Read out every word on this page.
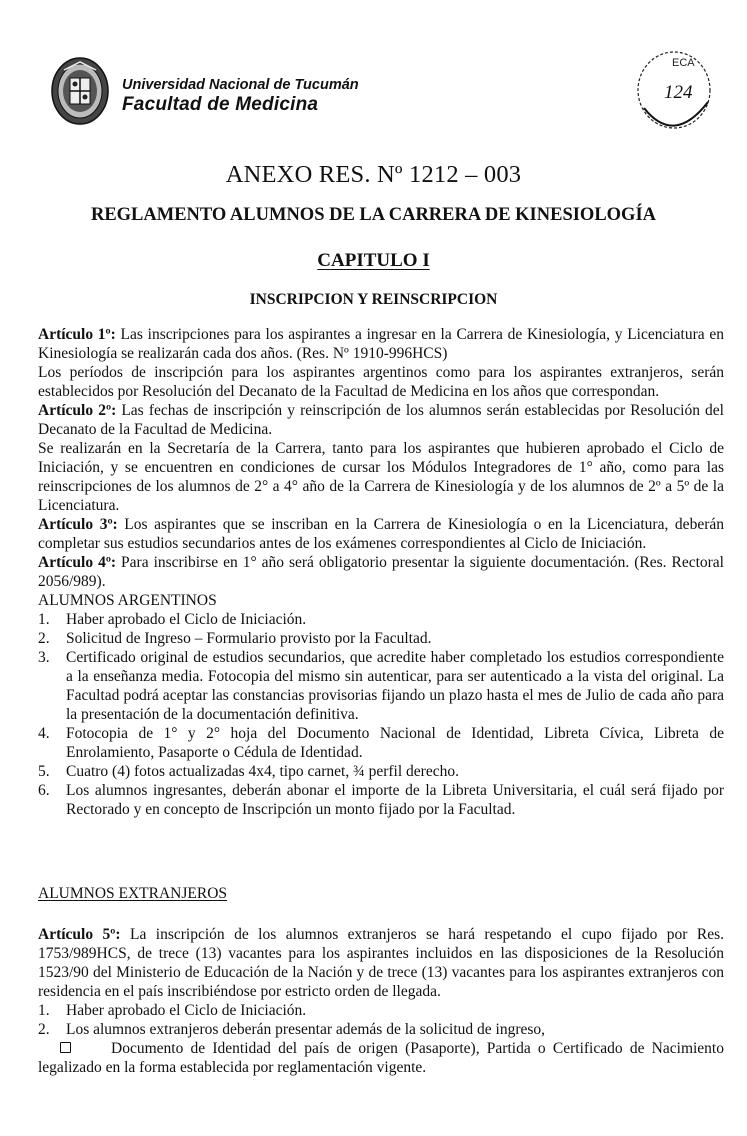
Universidad Nacional de Tucumán
Facultad de Medicina
ECA
124
ANEXO RES. Nº 1212 – 003
REGLAMENTO ALUMNOS DE LA CARRERA DE KINESIOLOGÍA
CAPITULO I
INSCRIPCION Y REINSCRIPCION

Artículo 1º: Las inscripciones para los aspirantes a ingresar en la Carrera de Kinesiología, y Licenciatura en Kinesiología se realizarán cada dos años. (Res. Nº 1910-996HCS)

Los períodos de inscripción para los aspirantes argentinos como para los aspirantes extranjeros, serán establecidos por Resolución del Decanato de la Facultad de Medicina en los años que correspondan.

Artículo 2º: Las fechas de inscripción y reinscripción de los alumnos serán establecidas por Resolución del Decanato de la Facultad de Medicina.

Se realizarán en la Secretaría de la Carrera, tanto para los aspirantes que hubieren aprobado el Ciclo de Iniciación, y se encuentren en condiciones de cursar los Módulos Integradores de 1° año, como para las reinscripciones de los alumnos de 2° a 4° año de la Carrera de Kinesiología y de los alumnos de 2º a 5º de la Licenciatura.

Artículo 3º: Los aspirantes que se inscriban en la Carrera de Kinesiología o en la Licenciatura, deberán completar sus estudios secundarios antes de los exámenes correspondientes al Ciclo de Iniciación.

Artículo 4º: Para inscribirse en 1° año será obligatorio presentar la siguiente documentación. (Res. Rectoral 2056/989).

ALUMNOS ARGENTINOS

1. Haber aprobado el Ciclo de Iniciación.
2. Solicitud de Ingreso – Formulario provisto por la Facultad.
3. Certificado original de estudios secundarios, que acredite haber completado los estudios correspondiente a la enseñanza media. Fotocopia del mismo sin autenticar, para ser autenticado a la vista del original. La Facultad podrá aceptar las constancias provisorias fijando un plazo hasta el mes de Julio de cada año para la presentación de la documentación definitiva.
4. Fotocopia de 1° y 2° hoja del Documento Nacional de Identidad, Libreta Cívica, Libreta de Enrolamiento, Pasaporte o Cédula de Identidad.
5. Cuatro (4) fotos actualizadas 4x4, tipo carnet, ¾ perfil derecho.
6. Los alumnos ingresantes, deberán abonar el importe de la Libreta Universitaria, el cuál será fijado por Rectorado y en concepto de Inscripción un monto fijado por la Facultad.

ALUMNOS EXTRANJEROS

Artículo 5º: La inscripción de los alumnos extranjeros se hará respetando el cupo fijado por Res. 1753/989HCS, de trece (13) vacantes para los aspirantes incluidos en las disposiciones de la Resolución 1523/90 del Ministerio de Educación de la Nación y de trece (13) vacantes para los aspirantes extranjeros con residencia en el país inscribiéndose por estricto orden de llegada.

1. Haber aprobado el Ciclo de Iniciación.
2. Los alumnos extranjeros deberán presentar además de la solicitud de ingreso,

Documento de Identidad del país de origen (Pasaporte), Partida o Certificado de Nacimiento legalizado en la forma establecida por reglamentación vigente.
